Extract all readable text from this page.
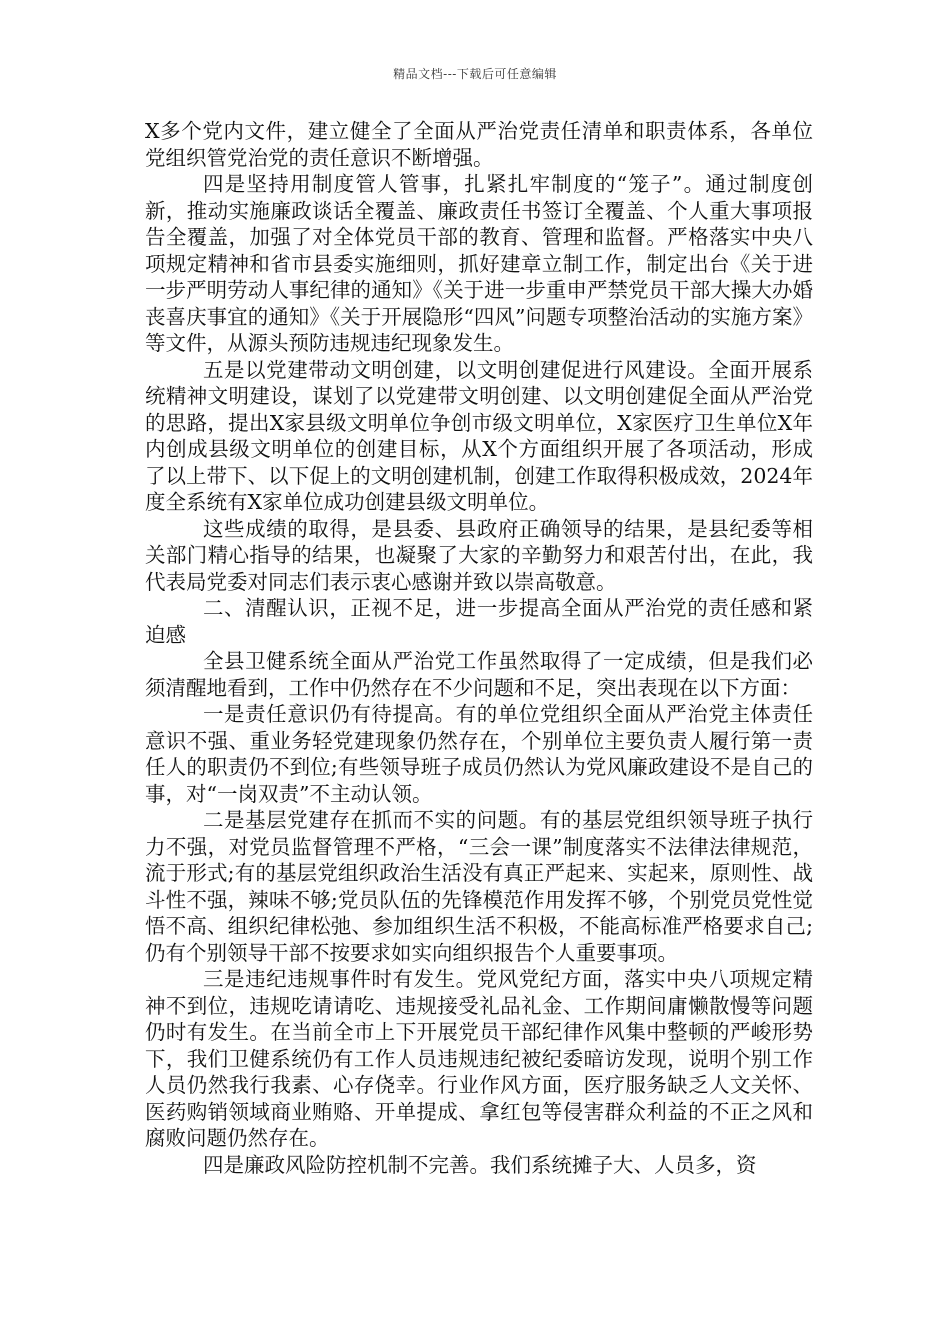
精品文档---下载后可任意编辑

X多个党内文件，建立健全了全面从严治党责任清单和职责体系，各单位党组织管党治党的责任意识不断增强。

四是坚持用制度管人管事，扎紧扎牢制度的“笼子”。通过制度创新，推动实施廉政谈话全覆盖、廉政责任书签订全覆盖、个人重大事项报告全覆盖，加强了对全体党员干部的教育、管理和监督。严格落实中央八项规定精神和省市县委实施细则，抓好建章立制工作，制定出台《关于进一步严明劳动人事纪律的通知》《关于进一步重申严禁党员干部大操大办婚丧喜庆事宜的通知》《关于开展隐形“四风”问题专项整治活动的实施方案》等文件，从源头预防违规违纪现象发生。

五是以党建带动文明创建，以文明创建促进行风建设。全面开展系统精神文明建设，谋划了以党建带文明创建、以文明创建促全面从严治党的思路，提出X家县级文明单位争创市级文明单位，X家医疗卫生单位X年内创成县级文明单位的创建目标，从X个方面组织开展了各项活动，形成了以上带下、以下促上的文明创建机制，创建工作取得积极成效，2024年度全系统有X家单位成功创建县级文明单位。

这些成绩的取得，是县委、县政府正确领导的结果，是县纪委等相关部门精心指导的结果，也凝聚了大家的辛勤努力和艰苦付出，在此，我代表局党委对同志们表示衷心感谢并致以崇高敬意。

二、清醒认识，正视不足，进一步提高全面从严治党的责任感和紧迫感

全县卫健系统全面从严治党工作虽然取得了一定成绩，但是我们必须清醒地看到，工作中仍然存在不少问题和不足，突出表现在以下方面：

一是责任意识仍有待提高。有的单位党组织全面从严治党主体责任意识不强、重业务轻党建现象仍然存在，个别单位主要负责人履行第一责任人的职责仍不到位;有些领导班子成员仍然认为党风廉政建设不是自己的事，对“一岗双责”不主动认领。

二是基层党建存在抓而不实的问题。有的基层党组织领导班子执行力不强，对党员监督管理不严格，“三会一课”制度落实不法律法律规范，流于形式;有的基层党组织政治生活没有真正严起来、实起来，原则性、战斗性不强，辣味不够;党员队伍的先锋模范作用发挥不够，个别党员党性觉悟不高、组织纪律松弛、参加组织生活不积极，不能高标准严格要求自己;仍有个别领导干部不按要求如实向组织报告个人重要事项。

三是违纪违规事件时有发生。党风党纪方面，落实中央八项规定精神不到位，违规吃请请吃、违规接受礼品礼金、工作期间庸懒散慢等问题仍时有发生。在当前全市上下开展党员干部纪律作风集中整顿的严峻形势下，我们卫健系统仍有工作人员违规违纪被纪委暗访发现，说明个别工作人员仍然我行我素、心存侥幸。行业作风方面，医疗服务缺乏人文关怀、医药购销领域商业贿赂、开单提成、拿红包等侵害群众利益的不正之风和腐败问题仍然存在。

四是廉政风险防控机制不完善。我们系统摊子大、人员多，资
